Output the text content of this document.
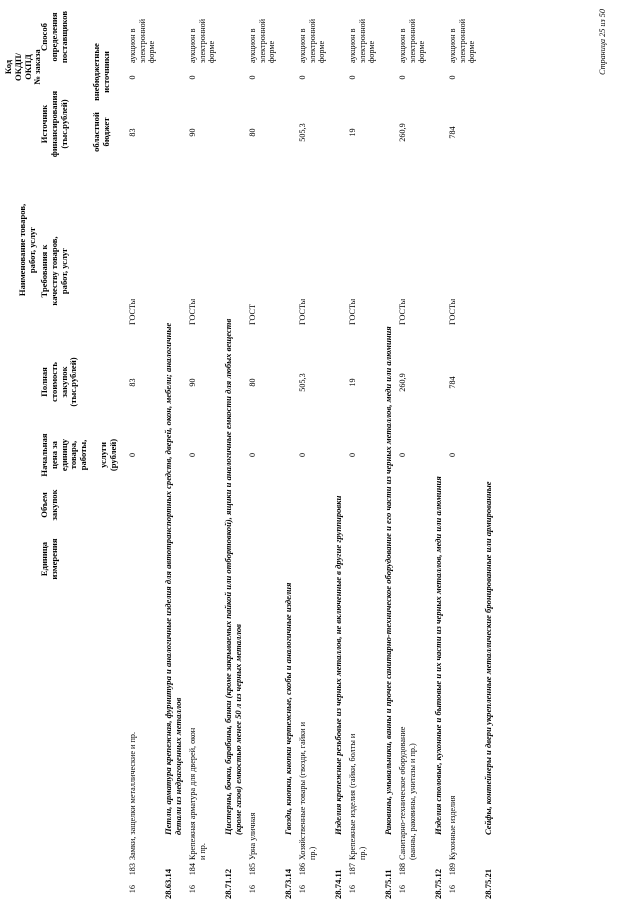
Код
ОКДП/
ОКПД
№ заказа
Наименование товаров,
работ, услуг
Единица
измерения
Объем
закупок
Начальная
цена за
единицу
товара,
работы,

услуги
(рублей)
Полная
стоимость
закупок
(тыс.рублей)
Требования к
качеству товаров,
работ, услуг
Источник
финансирования
(тыс.рублей)	областной
бюджет
внебюджетные
источники
Способ
определения
поставщиков
16
183
Замки, защелки металлические и пр.
0
83
ГОСТы
83
0
аукцион в
электронной
форме
28.63.14
Петли, арматура крепежная, фурнитура и аналогичные изделия для автотранспортных средств, дверей, окон, мебели; аналогичные
детали из недрагоценных металлов
16
184
Крепежная арматура для дверей, окон
и пр.
0
90
ГОСТы
90
0
аукцион в
электронной
форме
28.71.12
Цистерны, бочки, барабаны, банки (кроме закрываемых пайкой или отбортовкой), ящики и аналогичные емкости для любых веществ
(кроме газов) емкостью менее 50 л из черных металлов
16
185
Урна уличная
0
80
ГОСТ
80
0
аукцион в
электронной
форме
28.73.14
Гвозди, кнопки, кнопки чертежные, скобы и аналогичные изделия
16
186
Хозяйственные товары (гвозди, гайки и
пр.)
0
505,3
ГОСТы
505,3
0
аукцион в
электронной
форме
28.74.11
Изделия крепежные резьбовые из черных металлов, не включенные в другие группировки
16
187
Крепежные изделия (гайки, болты и
пр.)
0
19
ГОСТы
19
0
аукцион в
электронной
форме
28.75.11
Раковины, умывальники, ванны и прочее санитарно-техническое оборудование и его части из черных металлов, меди или алюминия
16
188
Санитарно-техническое оборудование
(ванны, раковины, унитазы и пр.)
0
260,9
ГОСТы
260,9
0
аукцион в
электронной
форме
28.75.12
Изделия столовые, кухонные и бытовые и их части из черных металлов, меди или алюминия
16
189
Кухонные изделия
0
784
ГОСТы
784
0
аукцион в
электронной
форме
28.75.21
Сейфы, контейнеры и двери укрепленные металлические бронированные или армированные
Страница 25 из 50
